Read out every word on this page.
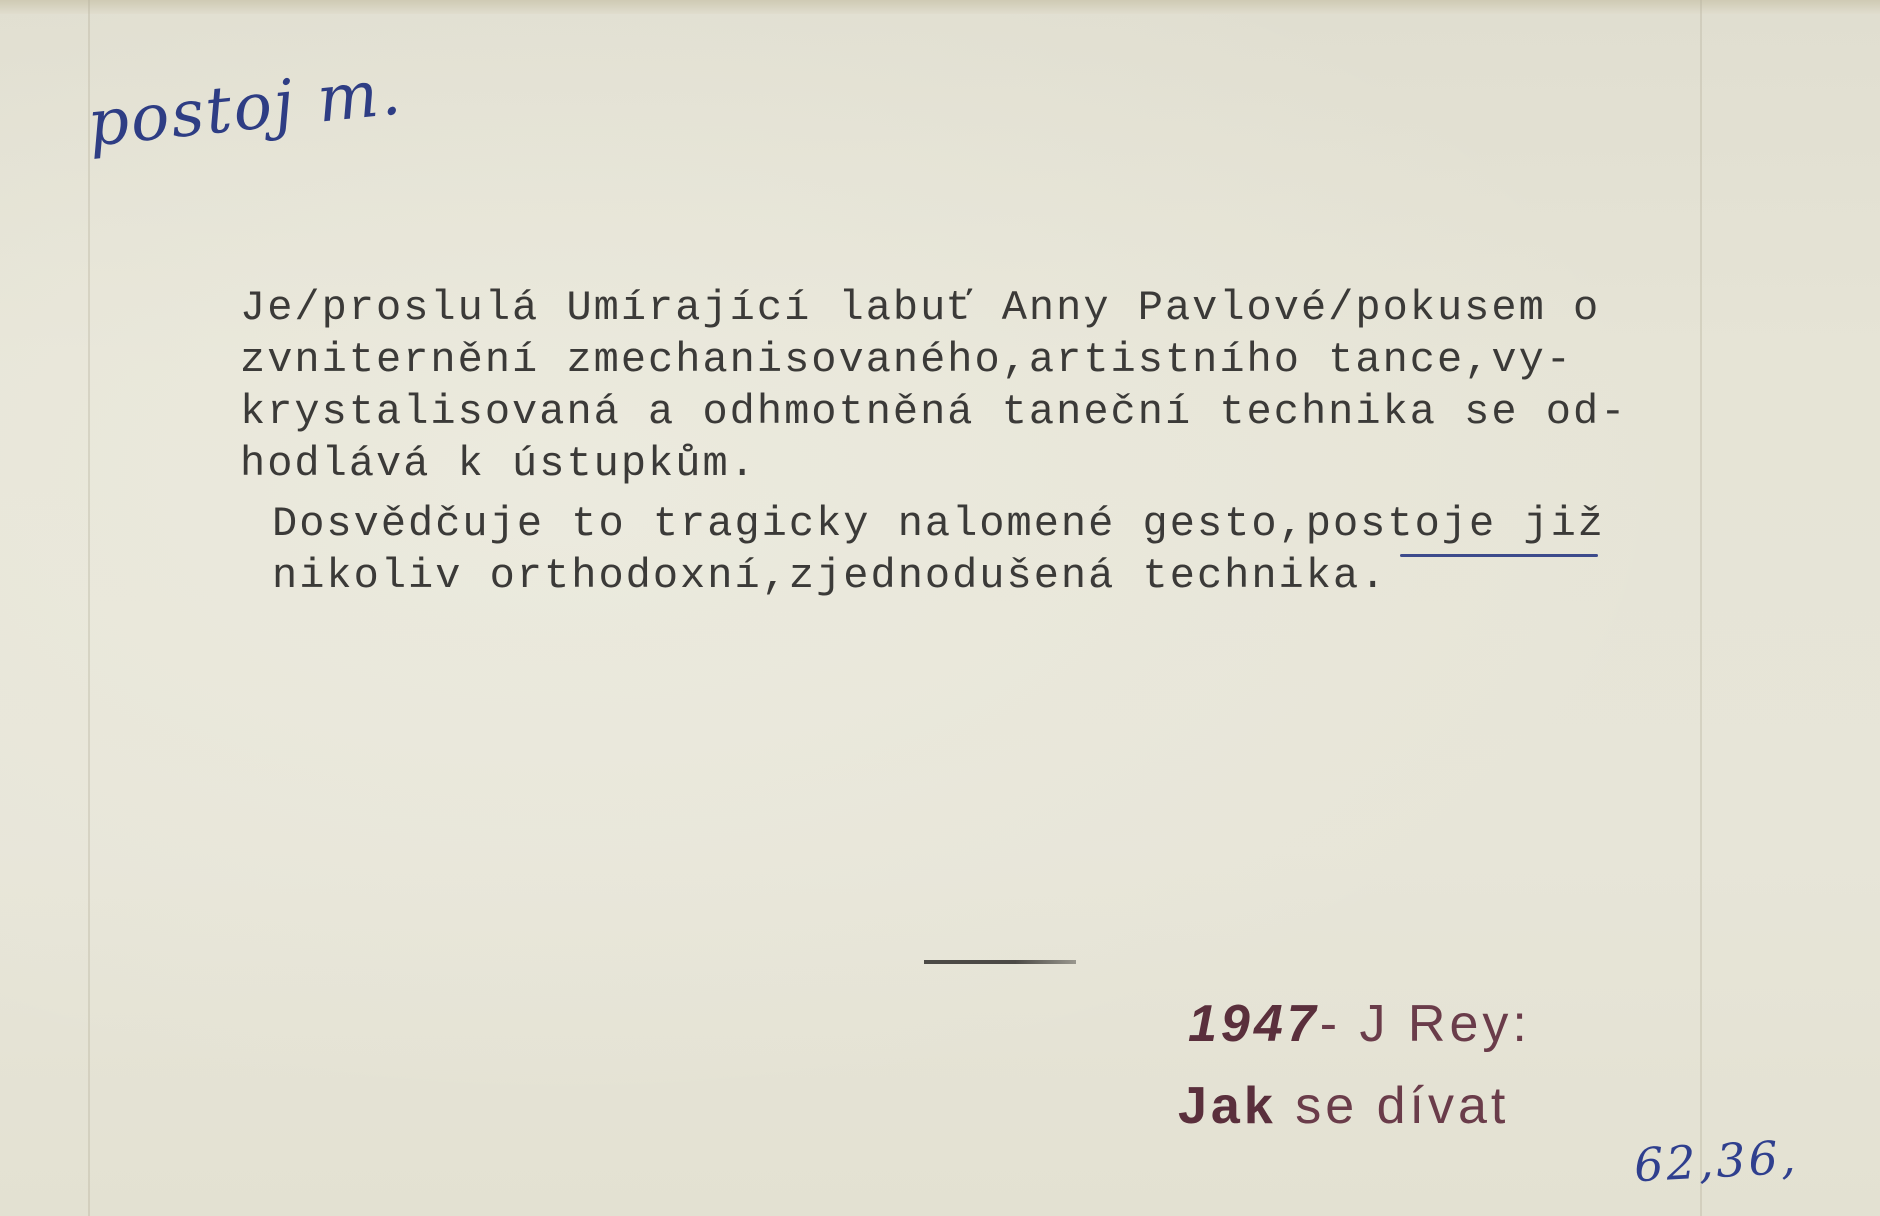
postoj m.

Je/proslulá Umírající labuť Anny Pavlové/pokusem o
zvniternění zmechanisovaného,artistního tance,vy-
krystalisovaná a odhmotněná taneční technika se od-
hodlává k ústupkům.

Dosvědčuje to tragicky nalomené gesto,postoje již
nikoliv orthodoxní,zjednodušená technika.

1947- J Rey:

Jak se dívat

62,36,
